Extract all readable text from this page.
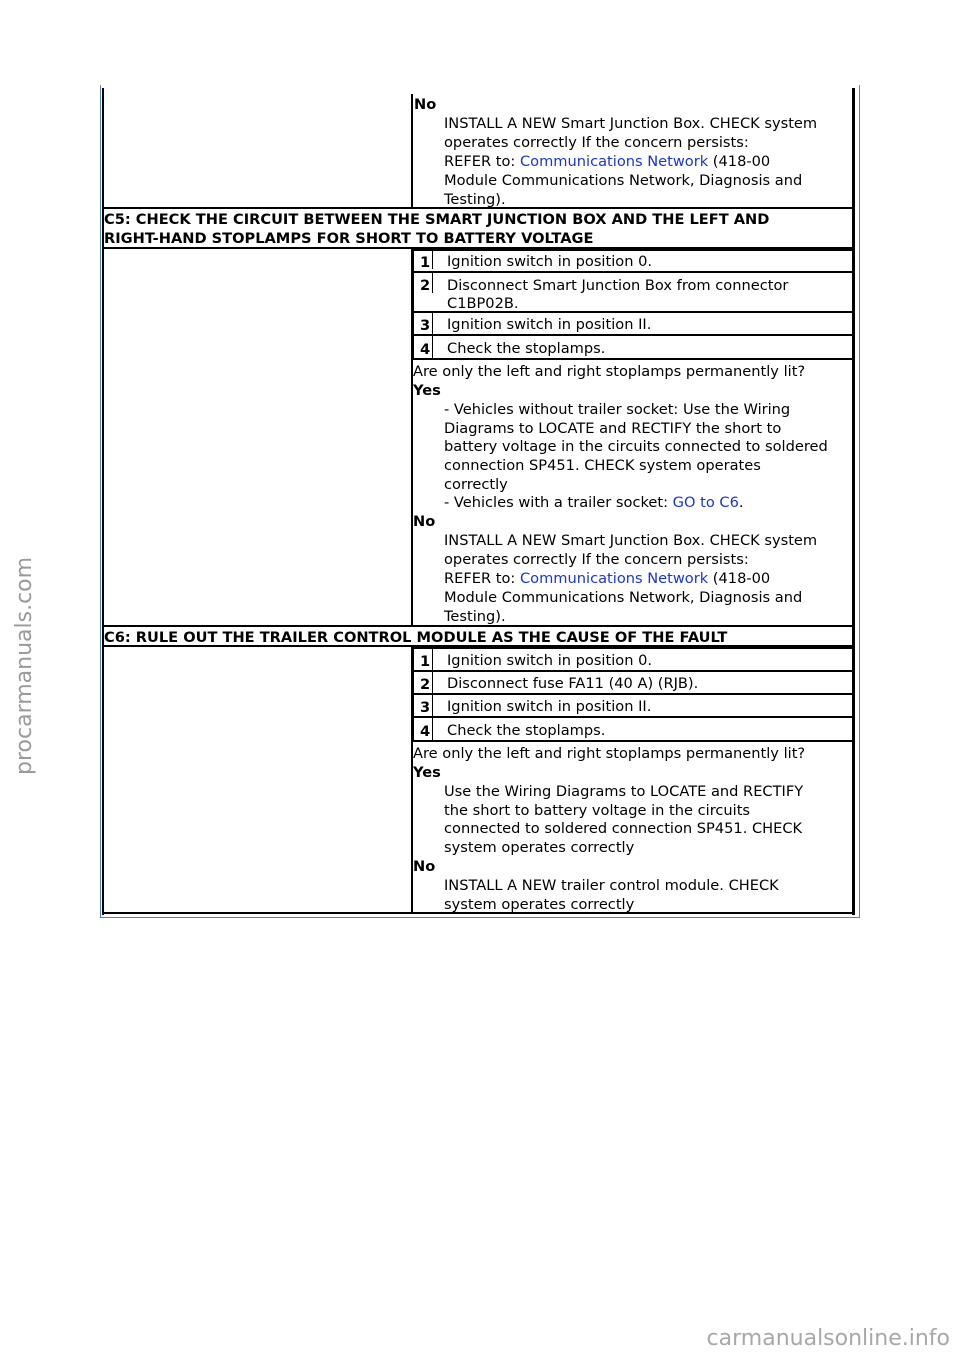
No
INSTALL A NEW Smart Junction Box. CHECK system
operates correctly If the concern persists:
REFER to: Communications Network (418-00
Module Communications Network, Diagnosis and
Testing).
C5: CHECK THE CIRCUIT BETWEEN THE SMART JUNCTION BOX AND THE LEFT AND
RIGHT-HAND STOPLAMPS FOR SHORT TO BATTERY VOLTAGE
1 Ignition switch in position 0.
2 Disconnect Smart Junction Box from connector
C1BP02B.
3 Ignition switch in position II.
4 Check the stoplamps.
Are only the left and right stoplamps permanently lit?
Yes
- Vehicles without trailer socket: Use the Wiring
Diagrams to LOCATE and RECTIFY the short to
battery voltage in the circuits connected to soldered
connection SP451. CHECK system operates
correctly
- Vehicles with a trailer socket: GO to C6.
No
INSTALL A NEW Smart Junction Box. CHECK system
operates correctly If the concern persists:
REFER to: Communications Network (418-00
Module Communications Network, Diagnosis and
Testing).
C6: RULE OUT THE TRAILER CONTROL MODULE AS THE CAUSE OF THE FAULT
1 Ignition switch in position 0.
2 Disconnect fuse FA11 (40 A) (RJB).
3 Ignition switch in position II.
4 Check the stoplamps.
Are only the left and right stoplamps permanently lit?
Yes
Use the Wiring Diagrams to LOCATE and RECTIFY
the short to battery voltage in the circuits
connected to soldered connection SP451. CHECK
system operates correctly
No
INSTALL A NEW trailer control module. CHECK
system operates correctly
procarmanuals.com
carmanualsonline.info
